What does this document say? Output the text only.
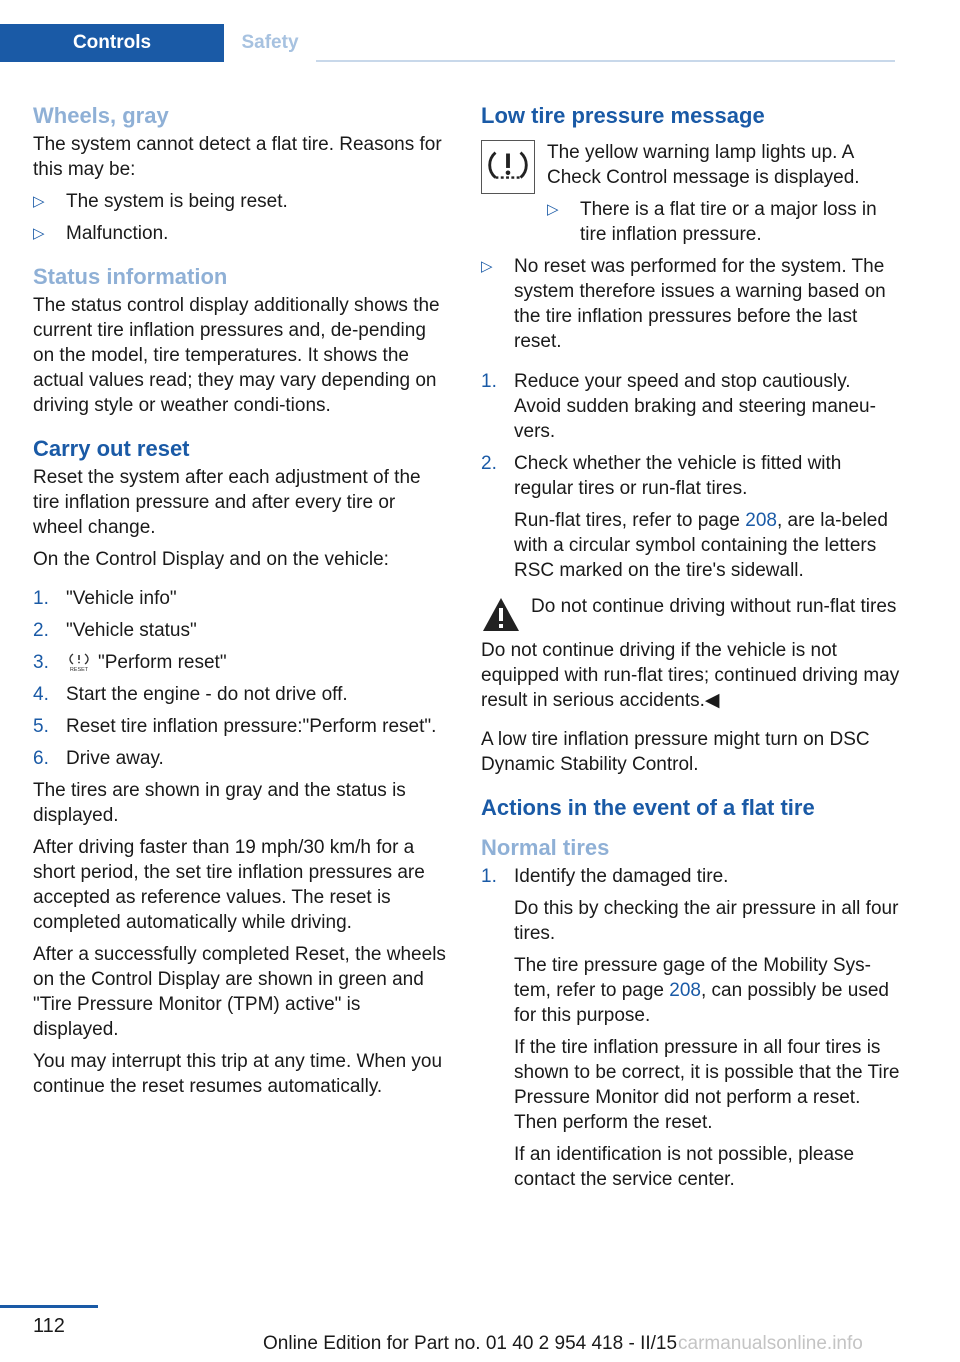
Controls	Safety
Wheels, gray

The system cannot detect a flat tire. Reasons for this may be:

▷ The system is being reset.
▷ Malfunction.
Status information

The status control display additionally shows the current tire inflation pressures and, de‐pending on the model, tire temperatures. It shows the actual values read; they may vary depending on driving style or weather condi‐tions.

Carry out reset

Reset the system after each adjustment of the tire inflation pressure and after every tire or wheel change.

On the Control Display and on the vehicle:

1. "Vehicle info"
2. "Vehicle status"
3.	RESET "Perform reset"
4. Start the engine - do not drive off.
5. Reset tire inflation pressure:"Perform reset".
6. Drive away.

The tires are shown in gray and the status is displayed.

After driving faster than 19 mph/30 km/h for a short period, the set tire inflation pressures are accepted as reference values. The reset is completed automatically while driving.

After a successfully completed Reset, the wheels on the Control Display are shown in green and "Tire Pressure Monitor (TPM) active" is displayed.

You may interrupt this trip at any time. When you continue the reset resumes automatically.

Low tire pressure message

The yellow warning lamp lights up. A Check Control message is displayed.

▷ There is a flat tire or a major loss in tire inflation pressure.
▷ No reset was performed for the system. The system therefore issues a warning based on the tire inflation pressures before the last reset.
1. Reduce your speed and stop cautiously. Avoid sudden braking and steering maneu‐vers.
2. Check whether the vehicle is fitted with regular tires or run-flat tires.
Run-flat tires, refer to page 208, are la‐beled with a circular symbol containing the letters RSC marked on the tire's sidewall.

Do not continue driving without run-flat tires

Do not continue driving if the vehicle is not equipped with run-flat tires; continued driving may result in serious accidents.◀

A low tire inflation pressure might turn on DSC Dynamic Stability Control.

Actions in the event of a flat tire
Normal tires
1. Identify the damaged tire.
Do this by checking the air pressure in all four tires.
The tire pressure gage of the Mobility Sys‐tem, refer to page 208, can possibly be used for this purpose.
If the tire inflation pressure in all four tires is shown to be correct, it is possible that the Tire Pressure Monitor did not perform a reset. Then perform the reset.
If an identification is not possible, please contact the service center.
112
Online Edition for Part no. 01 40 2 954 418 - II/15 carmanualsonline.info
